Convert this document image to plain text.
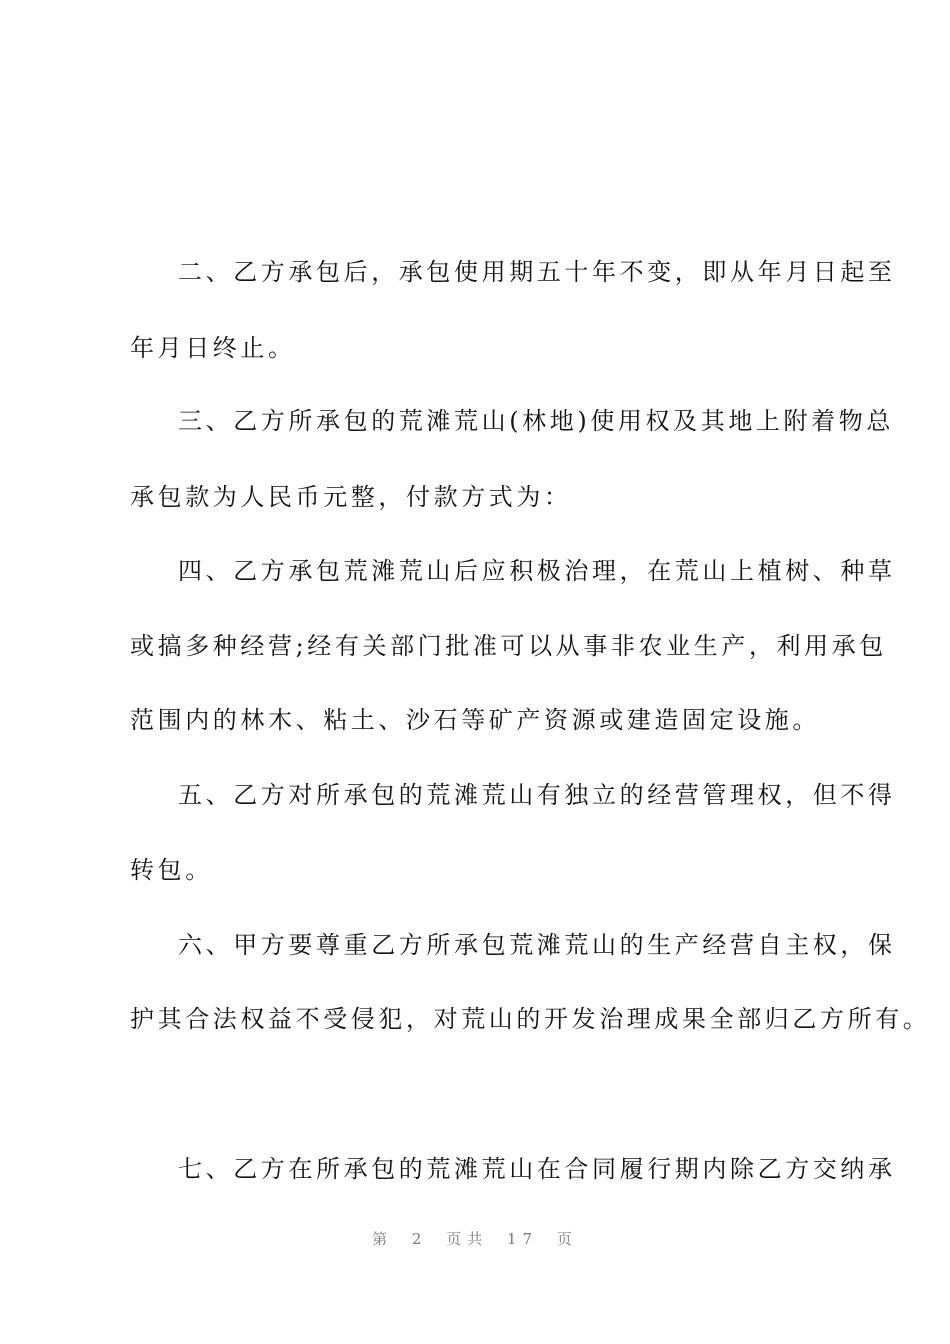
二、乙方承包后，承包使用期五十年不变，即从年月日起至
年月日终止。
三、乙方所承包的荒滩荒山(林地)使用权及其地上附着物总
承包款为人民币元整，付款方式为：
四、乙方承包荒滩荒山后应积极治理，在荒山上植树、种草
或搞多种经营;经有关部门批准可以从事非农业生产，利用承包
范围内的林木、粘土、沙石等矿产资源或建造固定设施。
五、乙方对所承包的荒滩荒山有独立的经营管理权，但不得
转包。
六、甲方要尊重乙方所承包荒滩荒山的生产经营自主权，保
护其合法权益不受侵犯，对荒山的开发治理成果全部归乙方所有。
七、乙方在所承包的荒滩荒山在合同履行期内除乙方交纳承
第 2 页共 17 页
